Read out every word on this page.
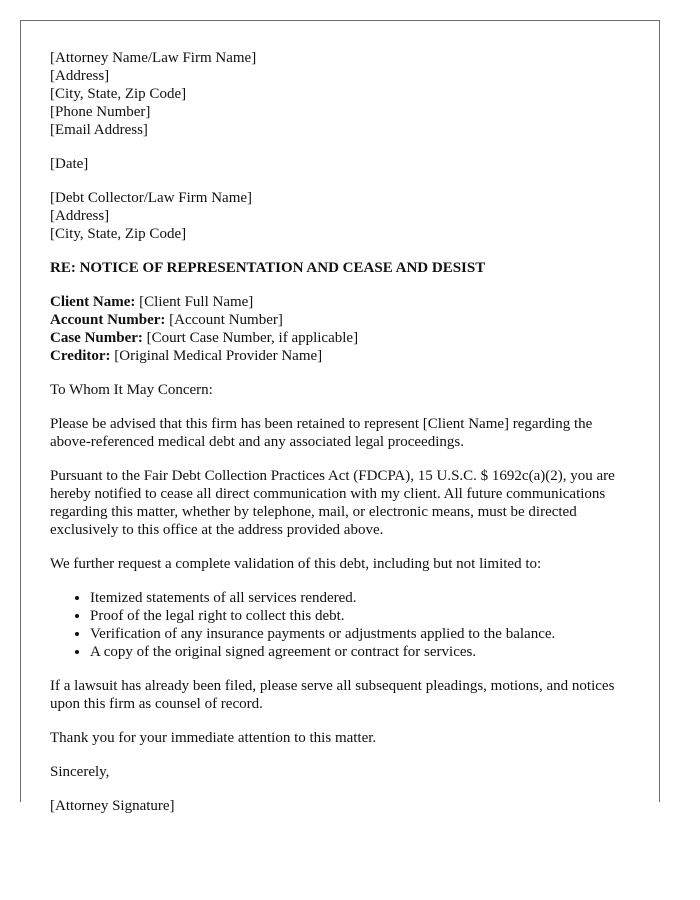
[Attorney Name/Law Firm Name]
[Address]
[City, State, Zip Code]
[Phone Number]
[Email Address]
[Date]
[Debt Collector/Law Firm Name]
[Address]
[City, State, Zip Code]
RE: NOTICE OF REPRESENTATION AND CEASE AND DESIST
Client Name: [Client Full Name]
Account Number: [Account Number]
Case Number: [Court Case Number, if applicable]
Creditor: [Original Medical Provider Name]

To Whom It May Concern:

Please be advised that this firm has been retained to represent [Client Name] regarding the above-referenced medical debt and any associated legal proceedings.

Pursuant to the Fair Debt Collection Practices Act (FDCPA), 15 U.S.C. $ 1692c(a)(2), you are hereby notified to cease all direct communication with my client. All future communications regarding this matter, whether by telephone, mail, or electronic means, must be directed exclusively to this office at the address provided above.

We further request a complete validation of this debt, including but not limited to:

• Itemized statements of all services rendered.
• Proof of the legal right to collect this debt.
• Verification of any insurance payments or adjustments applied to the balance.
• A copy of the original signed agreement or contract for services.

If a lawsuit has already been filed, please serve all subsequent pleadings, motions, and notices upon this firm as counsel of record.

Thank you for your immediate attention to this matter.

Sincerely,

[Attorney Signature]
